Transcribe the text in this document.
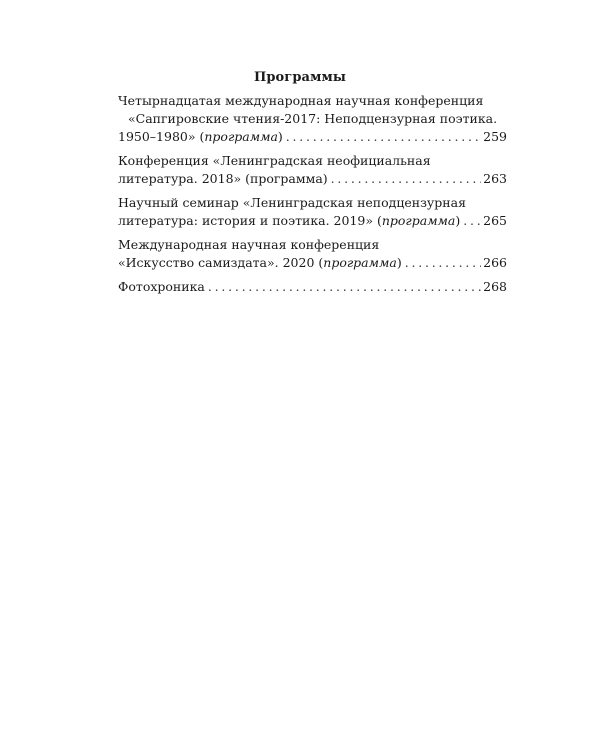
Программы
Четырнадцатая международная научная конференция
«Сапгировские чтения-2017: Неподцензурная поэтика.
1950–1980» (программа) . . .	259
Конференция «Ленинградская неофициальная
литература. 2018» (программа) . . .	263
Научный семинар «Ленинградская неподцензурная
литература: история и поэтика. 2019» (программа) . . . 265
Международная научная конференция
«Искусство самиздата». 2020 (программа) . . .	266
Фотохроника . . .	268
